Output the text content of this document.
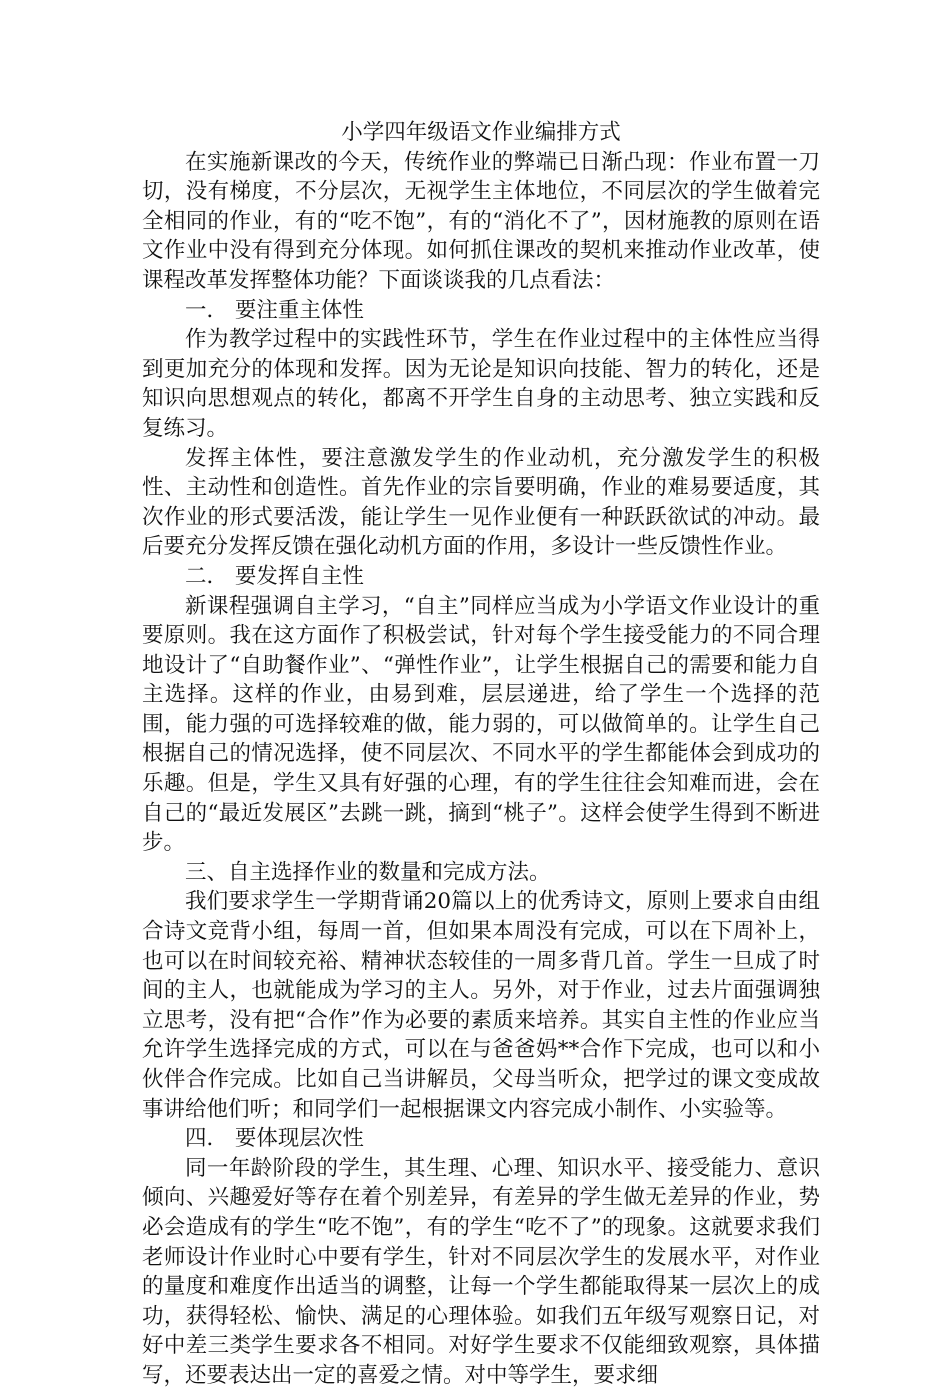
小学四年级语文作业编排方式

在实施新课改的今天，传统作业的弊端已日渐凸现：作业布置一刀切，没有梯度，不分层次，无视学生主体地位，不同层次的学生做着完全相同的作业，有的“吃不饱”，有的“消化不了”，因材施教的原则在语文作业中没有得到充分体现。如何抓住课改的契机来推动作业改革，使课程改革发挥整体功能？下面谈谈我的几点看法：

一． 要注重主体性

作为教学过程中的实践性环节，学生在作业过程中的主体性应当得到更加充分的体现和发挥。因为无论是知识向技能、智力的转化，还是知识向思想观点的转化，都离不开学生自身的主动思考、独立实践和反复练习。

发挥主体性，要注意激发学生的作业动机，充分激发学生的积极性、主动性和创造性。首先作业的宗旨要明确，作业的难易要适度，其次作业的形式要活泼，能让学生一见作业便有一种跃跃欲试的冲动。最后要充分发挥反馈在强化动机方面的作用，多设计一些反馈性作业。

二． 要发挥自主性

新课程强调自主学习，“自主”同样应当成为小学语文作业设计的重要原则。我在这方面作了积极尝试，针对每个学生接受能力的不同合理地设计了“自助餐作业”、“弹性作业”，让学生根据自己的需要和能力自主选择。这样的作业，由易到难，层层递进，给了学生一个选择的范围，能力强的可选择较难的做，能力弱的，可以做简单的。让学生自己根据自己的情况选择，使不同层次、不同水平的学生都能体会到成功的乐趣。但是，学生又具有好强的心理，有的学生往往会知难而进，会在自己的“最近发展区”去跳一跳，摘到“桃子”。这样会使学生得到不断进步。

三、自主选择作业的数量和完成方法。

我们要求学生一学期背诵20篇以上的优秀诗文，原则上要求自由组合诗文竞背小组，每周一首，但如果本周没有完成，可以在下周补上，也可以在时间较充裕、精神状态较佳的一周多背几首。学生一旦成了时间的主人，也就能成为学习的主人。另外，对于作业，过去片面强调独立思考，没有把“合作”作为必要的素质来培养。其实自主性的作业应当允许学生选择完成的方式，可以在与爸爸妈**合作下完成，也可以和小伙伴合作完成。比如自己当讲解员，父母当听众，把学过的课文变成故事讲给他们听；和同学们一起根据课文内容完成小制作、小实验等。

四． 要体现层次性

同一年龄阶段的学生，其生理、心理、知识水平、接受能力、意识倾向、兴趣爱好等存在着个别差异，有差异的学生做无差异的作业，势必会造成有的学生“吃不饱”，有的学生“吃不了”的现象。这就要求我们老师设计作业时心中要有学生，针对不同层次学生的发展水平，对作业的量度和难度作出适当的调整，让每一个学生都能取得某一层次上的成功，获得轻松、愉快、满足的心理体验。如我们五年级写观察日记，对好中差三类学生要求各不相同。对好学生要求不仅能细致观察，具体描写，还要表达出一定的喜爱之情。对中等学生，要求细
